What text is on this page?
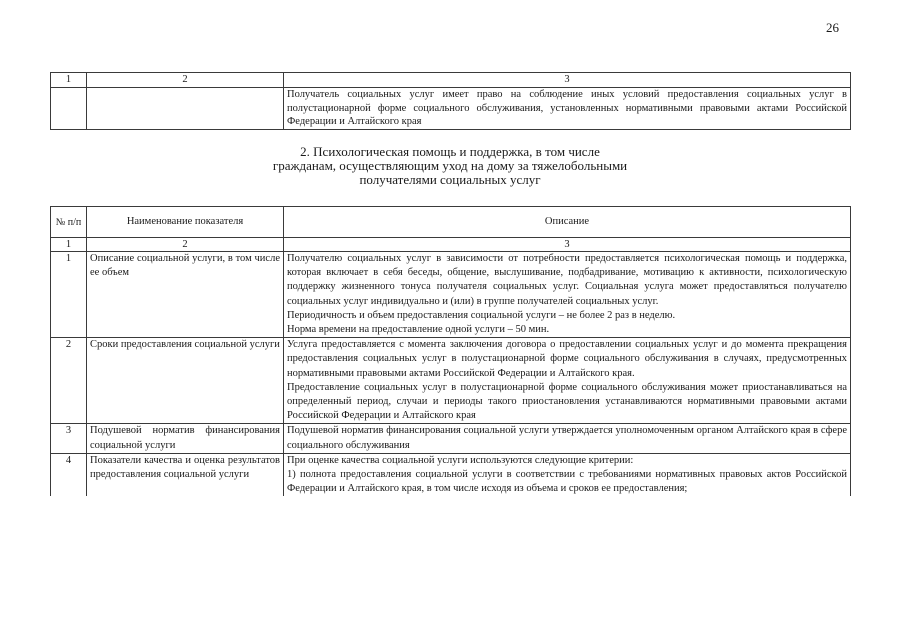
26
1	2	3
		Получатель социальных услуг имеет право на соблюдение иных условий предоставления социальных услуг в полустационарной форме социального обслуживания, установленных нормативными правовыми актами Российской Федерации и Алтайского края
2. Психологическая помощь и поддержка, в том числе
гражданам, осуществляющим уход на дому за тяжелобольными
получателями социальных услуг
№ п/п	Наименование показателя	Описание
1	2	3
1	Описание социальной услуги, в том числе ее объем	Получателю социальных услуг в зависимости от потребности предоставляется психологическая помощь и поддержка, которая включает в себя беседы, общение, выслушивание, подбадривание, мотивацию к активности, психологическую поддержку жизненного тонуса получателя социальных услуг. Социальная услуга может предоставляться получателю социальных услуг индивидуально и (или) в группе получателей социальных услуг.
Периодичность и объем предоставления социальной услуги – не более 2 раз в неделю.
Норма времени на предоставление одной услуги – 50 мин.

2	Сроки предоставления социальной услуги	Услуга предоставляется с момента заключения договора о предоставлении социальных услуг и до момента прекращения предоставления социальных услуг в полустационарной форме социального обслуживания в случаях, предусмотренных нормативными правовыми актами Российской Федерации и Алтайского края.
Предоставление социальных услуг в полустационарной форме социального обслуживания может приостанавливаться на определенный период, случаи и периоды такого приостановления устанавливаются нормативными правовыми актами Российской Федерации и Алтайского края

3	Подушевой норматив финансирования социальной услуги	Подушевой норматив финансирования социальной услуги утверждается уполномоченным органом Алтайского края в сфере социального обслуживания

4	Показатели качества и оценка результатов предоставления социальной услуги	При оценке качества социальной услуги используются следующие критерии:
1) полнота предоставления социальной услуги в соответствии с требованиями нормативных правовых актов Российской Федерации и Алтайского края, в том числе исходя из объема и сроков ее предоставления;
